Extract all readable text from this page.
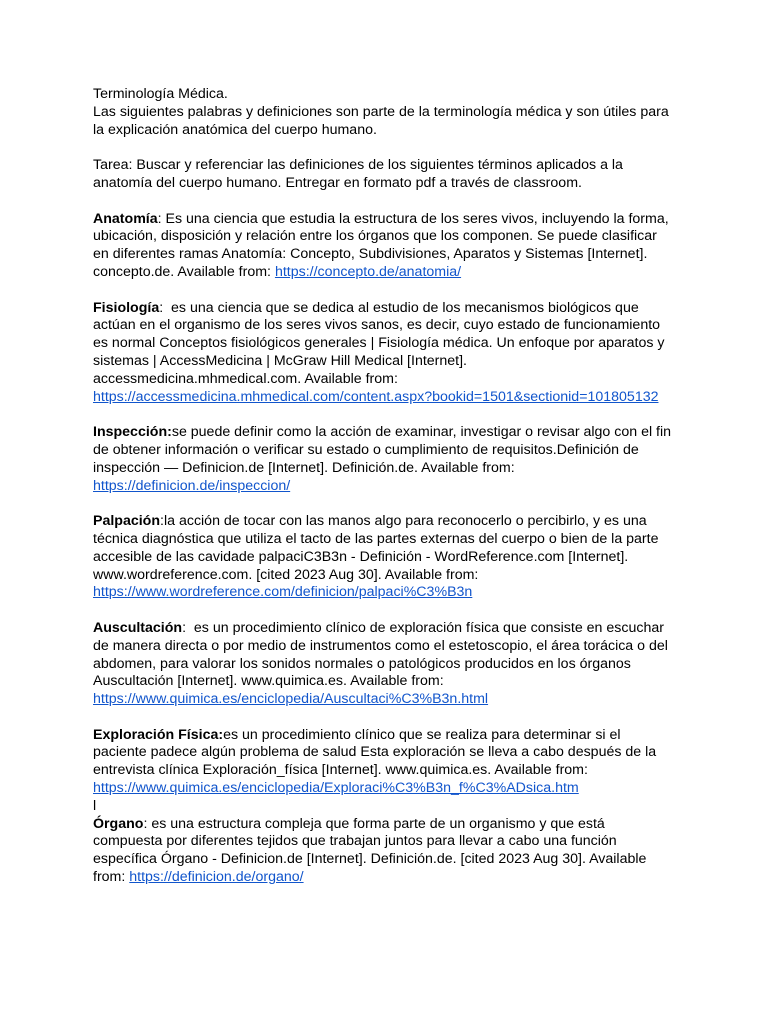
Terminología Médica.
Las siguientes palabras y definiciones son parte de la terminología médica y son útiles para
la explicación anatómica del cuerpo humano.

Tarea: Buscar y referenciar las definiciones de los siguientes términos aplicados a la
anatomía del cuerpo humano. Entregar en formato pdf a través de classroom.

Anatomía: Es una ciencia que estudia la estructura de los seres vivos, incluyendo la forma,
ubicación, disposición y relación entre los órganos que los componen. Se puede clasificar
en diferentes ramas Anatomía: Concepto, Subdivisiones, Aparatos y Sistemas [Internet].
concepto.de. Available from: https://concepto.de/anatomia/

Fisiología:  es una ciencia que se dedica al estudio de los mecanismos biológicos que
actúan en el organismo de los seres vivos sanos, es decir, cuyo estado de funcionamiento
es normal Conceptos fisiológicos generales | Fisiología médica. Un enfoque por aparatos y
sistemas | AccessMedicina | McGraw Hill Medical [Internet].
accessmedicina.mhmedical.com. Available from:
https://accessmedicina.mhmedical.com/content.aspx?bookid=1501&sectionid=101805132

Inspección:se puede definir como la acción de examinar, investigar o revisar algo con el fin
de obtener información o verificar su estado o cumplimiento de requisitos.Definición de
inspección — Definicion.de [Internet]. Definición.de. Available from:
https://definicion.de/inspeccion/

Palpación:la acción de tocar con las manos algo para reconocerlo o percibirlo, y es una
técnica diagnóstica que utiliza el tacto de las partes externas del cuerpo o bien de la parte
accesible de las cavidade palpaciC3B3n - Definición - WordReference.com [Internet].
www.wordreference.com. [cited 2023 Aug 30]. Available from:
https://www.wordreference.com/definicion/palpaci%C3%B3n

Auscultación:  es un procedimiento clínico de exploración física que consiste en escuchar
de manera directa o por medio de instrumentos como el estetoscopio, el área torácica o del
abdomen, para valorar los sonidos normales o patológicos producidos en los órganos
Auscultación [Internet]. www.quimica.es. Available from:
https://www.quimica.es/enciclopedia/Auscultaci%C3%B3n.html

Exploración Física:es un procedimiento clínico que se realiza para determinar si el
paciente padece algún problema de salud Esta exploración se lleva a cabo después de la
entrevista clínica Exploración_física [Internet]. www.quimica.es. Available from:
https://www.quimica.es/enciclopedia/Exploraci%C3%B3n_f%C3%ADsica.htm
l

Órgano: es una estructura compleja que forma parte de un organismo y que está
compuesta por diferentes tejidos que trabajan juntos para llevar a cabo una función
específica Órgano - Definicion.de [Internet]. Definición.de. [cited 2023 Aug 30]. Available
from: https://definicion.de/organo/
